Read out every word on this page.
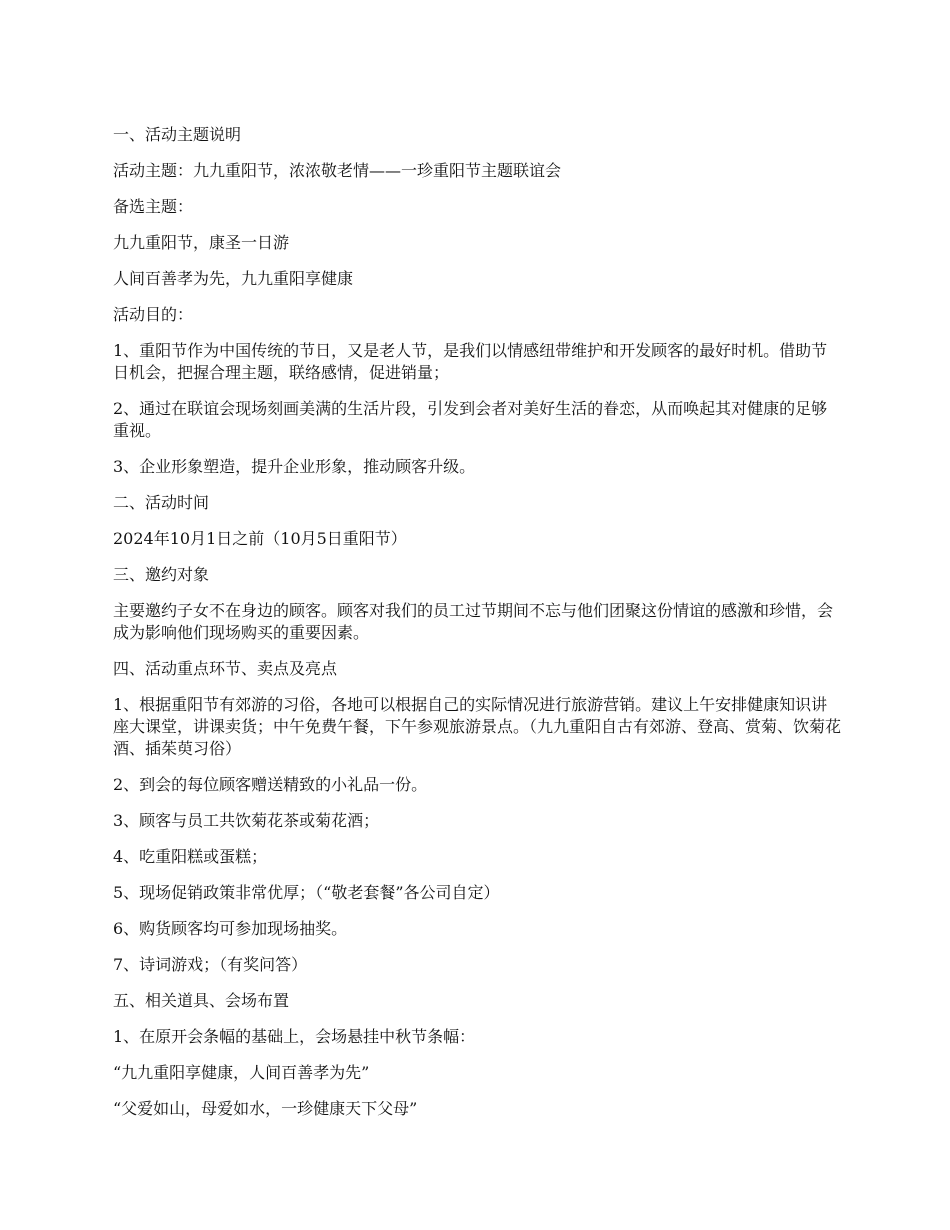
一、活动主题说明

活动主题：九九重阳节，浓浓敬老情——一珍重阳节主题联谊会

备选主题：

九九重阳节，康圣一日游

人间百善孝为先，九九重阳享健康

活动目的：

1、重阳节作为中国传统的节日，又是老人节，是我们以情感纽带维护和开发顾客的最好时机。借助节日机会，把握合理主题，联络感情，促进销量；

2、通过在联谊会现场刻画美满的生活片段，引发到会者对美好生活的眷恋，从而唤起其对健康的足够重视。

3、企业形象塑造，提升企业形象，推动顾客升级。

二、活动时间

2024年10月1日之前（10月5日重阳节）

三、邀约对象

主要邀约子女不在身边的顾客。顾客对我们的员工过节期间不忘与他们团聚这份情谊的感激和珍惜，会成为影响他们现场购买的重要因素。

四、活动重点环节、卖点及亮点

1、根据重阳节有郊游的习俗，各地可以根据自己的实际情况进行旅游营销。建议上午安排健康知识讲座大课堂，讲课卖货；中午免费午餐，下午参观旅游景点。（九九重阳自古有郊游、登高、赏菊、饮菊花酒、插茱萸习俗）

2、到会的每位顾客赠送精致的小礼品一份。

3、顾客与员工共饮菊花茶或菊花酒；

4、吃重阳糕或蛋糕；

5、现场促销政策非常优厚；（“敬老套餐”各公司自定）

6、购货顾客均可参加现场抽奖。

7、诗词游戏；（有奖问答）

五、相关道具、会场布置

1、在原开会条幅的基础上，会场悬挂中秋节条幅：

“九九重阳享健康，人间百善孝为先”

“父爱如山，母爱如水，一珍健康天下父母”
